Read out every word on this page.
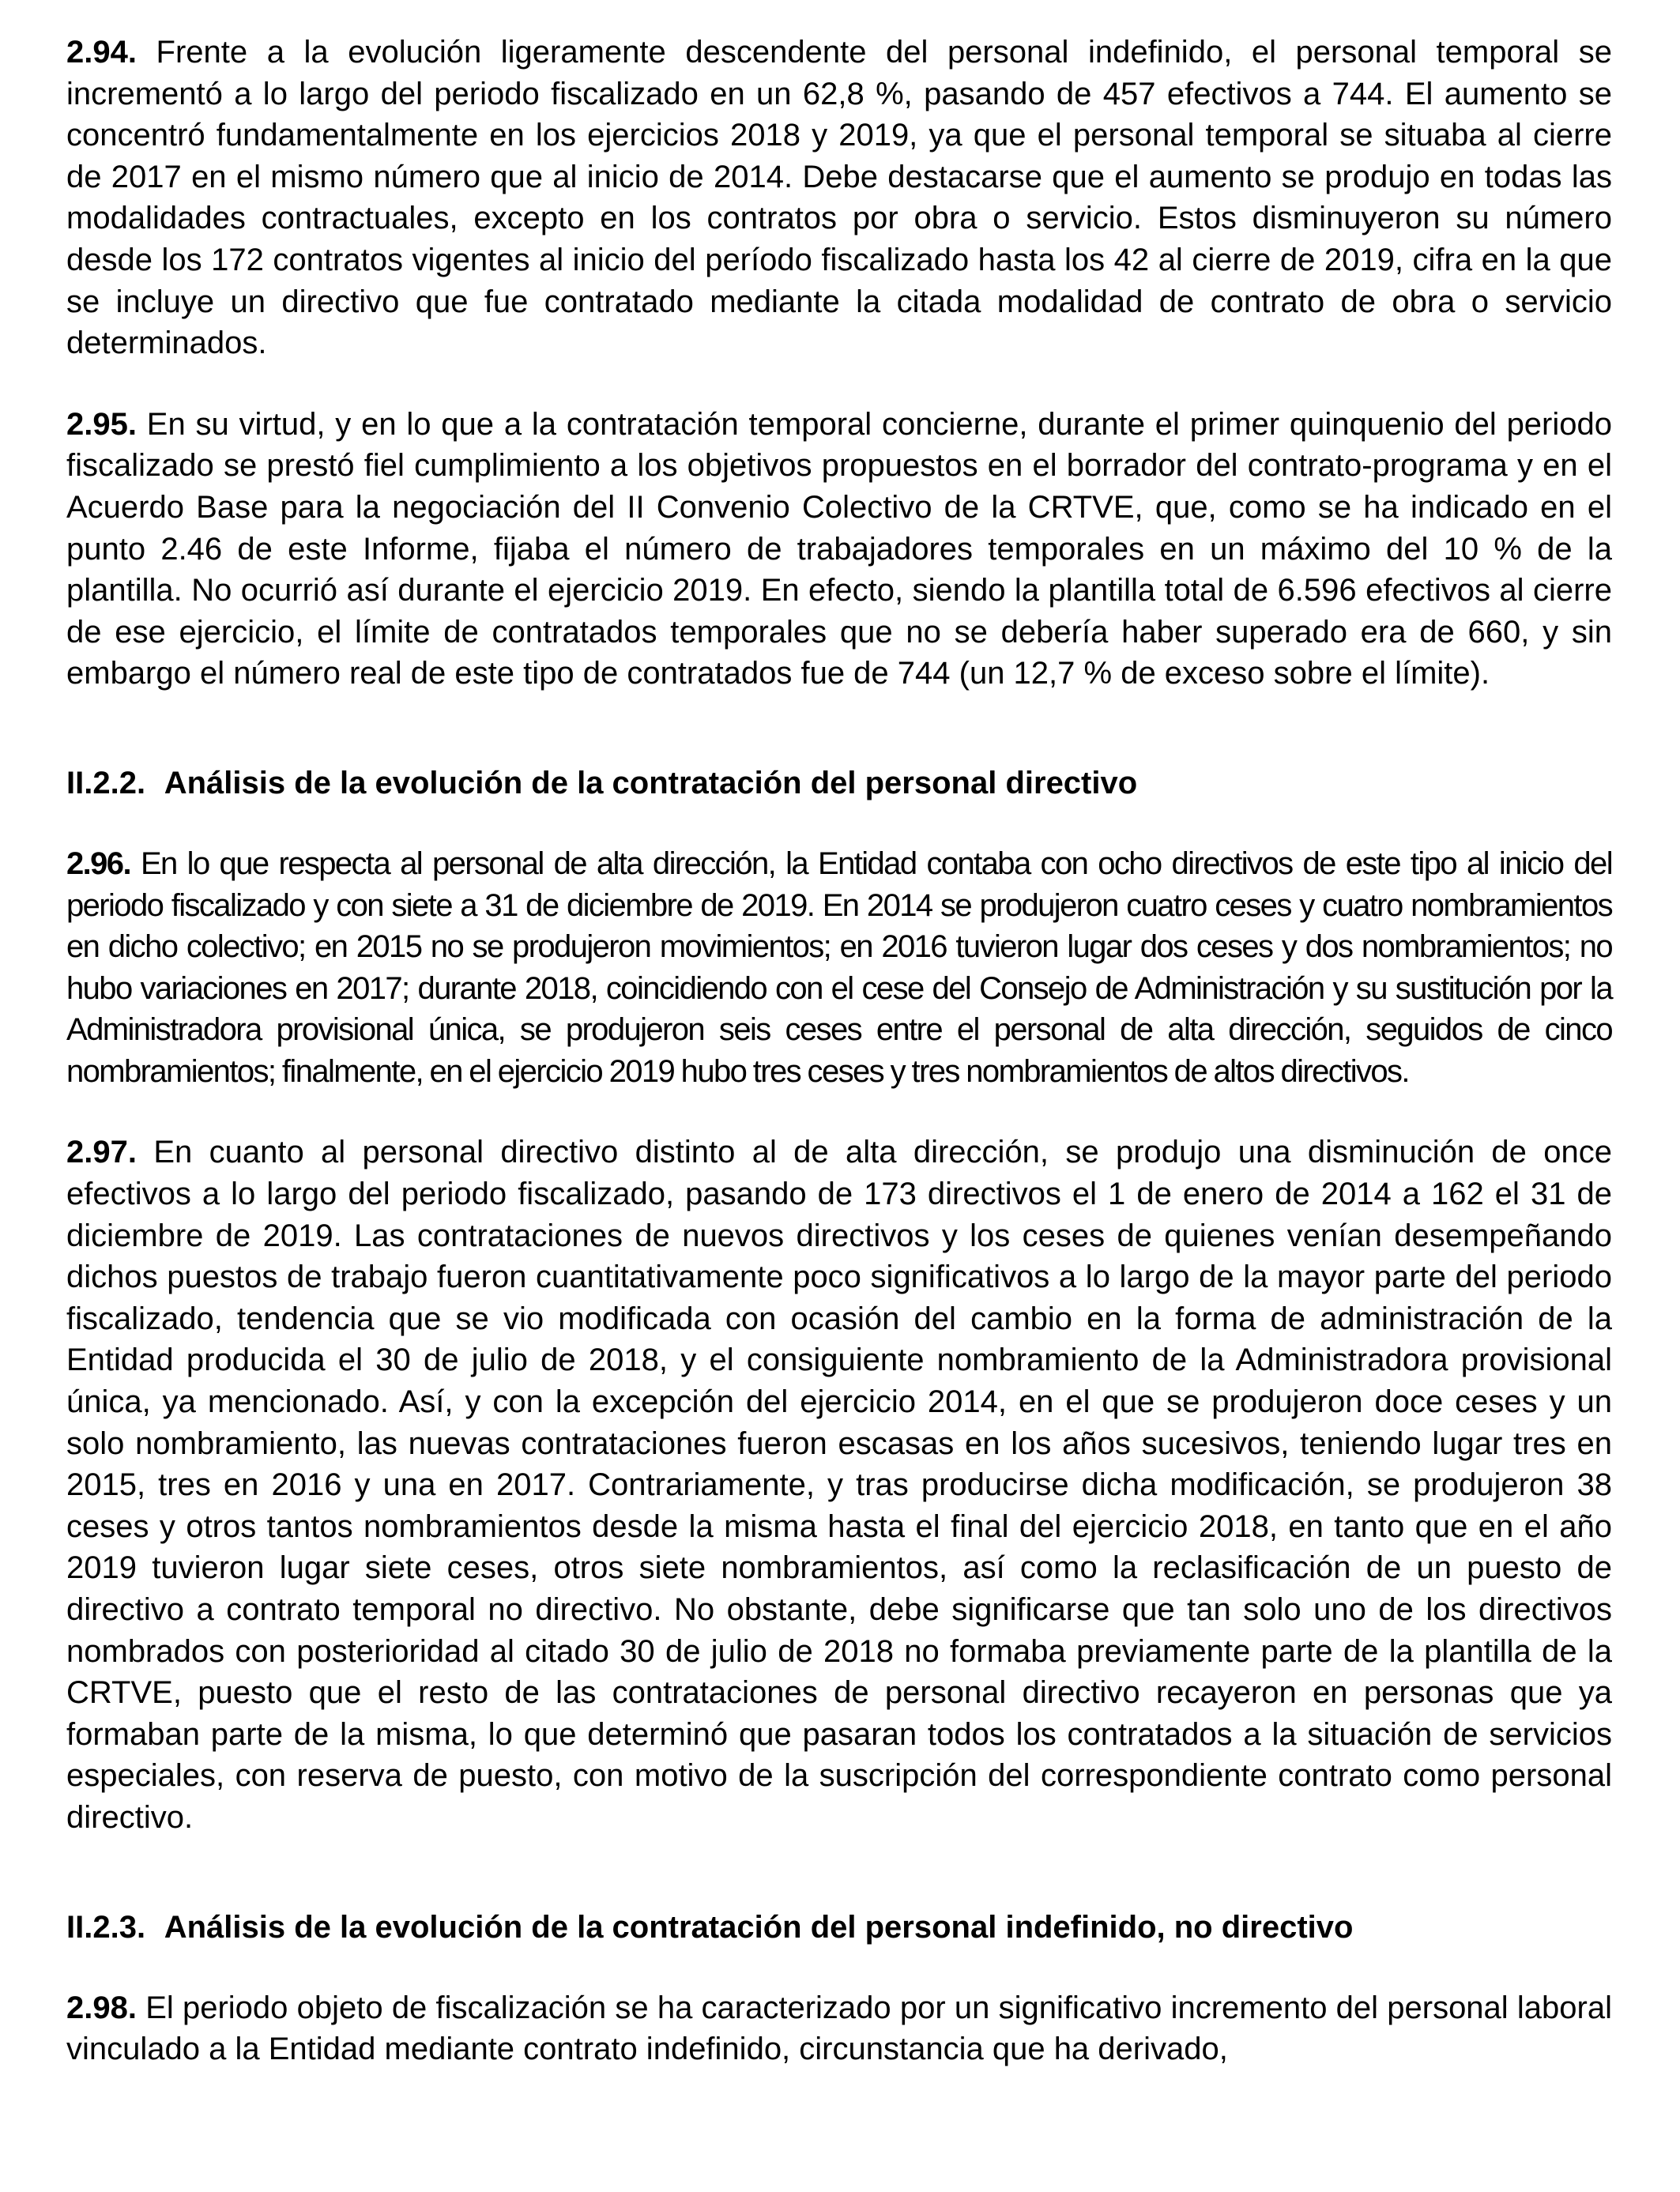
2.94. Frente a la evolución ligeramente descendente del personal indefinido, el personal temporal se incrementó a lo largo del periodo fiscalizado en un 62,8 %, pasando de 457 efectivos a 744. El aumento se concentró fundamentalmente en los ejercicios 2018 y 2019, ya que el personal temporal se situaba al cierre de 2017 en el mismo número que al inicio de 2014. Debe destacarse que el aumento se produjo en todas las modalidades contractuales, excepto en los contratos por obra o servicio. Estos disminuyeron su número desde los 172 contratos vigentes al inicio del período fiscalizado hasta los 42 al cierre de 2019, cifra en la que se incluye un directivo que fue contratado mediante la citada modalidad de contrato de obra o servicio determinados.

2.95. En su virtud, y en lo que a la contratación temporal concierne, durante el primer quinquenio del periodo fiscalizado se prestó fiel cumplimiento a los objetivos propuestos en el borrador del contrato-programa y en el Acuerdo Base para la negociación del II Convenio Colectivo de la CRTVE, que, como se ha indicado en el punto 2.46 de este Informe, fijaba el número de trabajadores temporales en un máximo del 10 % de la plantilla. No ocurrió así durante el ejercicio 2019. En efecto, siendo la plantilla total de 6.596 efectivos al cierre de ese ejercicio, el límite de contratados temporales que no se debería haber superado era de 660, y sin embargo el número real de este tipo de contratados fue de 744 (un 12,7 % de exceso sobre el límite).

II.2.2. Análisis de la evolución de la contratación del personal directivo

2.96. En lo que respecta al personal de alta dirección, la Entidad contaba con ocho directivos de este tipo al inicio del periodo fiscalizado y con siete a 31 de diciembre de 2019. En 2014 se produjeron cuatro ceses y cuatro nombramientos en dicho colectivo; en 2015 no se produjeron movimientos; en 2016 tuvieron lugar dos ceses y dos nombramientos; no hubo variaciones en 2017; durante 2018, coincidiendo con el cese del Consejo de Administración y su sustitución por la Administradora provisional única, se produjeron seis ceses entre el personal de alta dirección, seguidos de cinco nombramientos; finalmente, en el ejercicio 2019 hubo tres ceses y tres nombramientos de altos directivos.

2.97. En cuanto al personal directivo distinto al de alta dirección, se produjo una disminución de once efectivos a lo largo del periodo fiscalizado, pasando de 173 directivos el 1 de enero de 2014 a 162 el 31 de diciembre de 2019. Las contrataciones de nuevos directivos y los ceses de quienes venían desempeñando dichos puestos de trabajo fueron cuantitativamente poco significativos a lo largo de la mayor parte del periodo fiscalizado, tendencia que se vio modificada con ocasión del cambio en la forma de administración de la Entidad producida el 30 de julio de 2018, y el consiguiente nombramiento de la Administradora provisional única, ya mencionado. Así, y con la excepción del ejercicio 2014, en el que se produjeron doce ceses y un solo nombramiento, las nuevas contrataciones fueron escasas en los años sucesivos, teniendo lugar tres en 2015, tres en 2016 y una en 2017. Contrariamente, y tras producirse dicha modificación, se produjeron 38 ceses y otros tantos nombramientos desde la misma hasta el final del ejercicio 2018, en tanto que en el año 2019 tuvieron lugar siete ceses, otros siete nombramientos, así como la reclasificación de un puesto de directivo a contrato temporal no directivo. No obstante, debe significarse que tan solo uno de los directivos nombrados con posterioridad al citado 30 de julio de 2018 no formaba previamente parte de la plantilla de la CRTVE, puesto que el resto de las contrataciones de personal directivo recayeron en personas que ya formaban parte de la misma, lo que determinó que pasaran todos los contratados a la situación de servicios especiales, con reserva de puesto, con motivo de la suscripción del correspondiente contrato como personal directivo.

II.2.3. Análisis de la evolución de la contratación del personal indefinido, no directivo

2.98. El periodo objeto de fiscalización se ha caracterizado por un significativo incremento del personal laboral vinculado a la Entidad mediante contrato indefinido, circunstancia que ha derivado,
